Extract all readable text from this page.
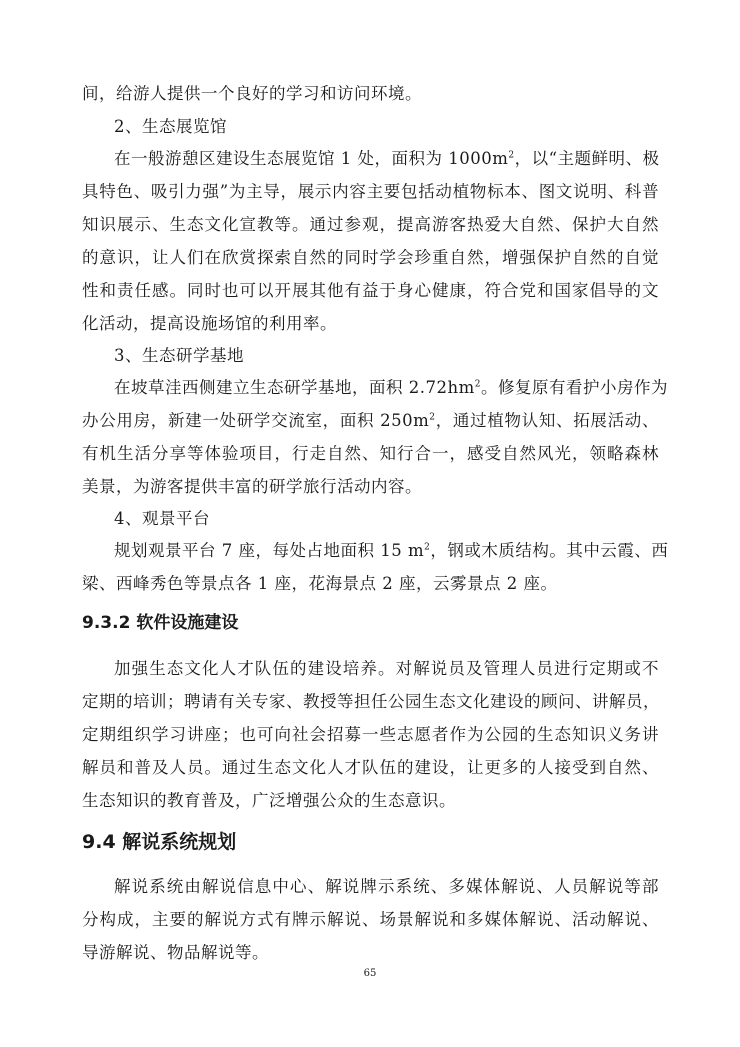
间，给游人提供一个良好的学习和访问环境。
2、生态展览馆
在一般游憩区建设生态展览馆 1 处，面积为 $1000m^2$，以“主题鲜明、极
具特色、吸引力强”为主导，展示内容主要包括动植物标本、图文说明、科普
知识展示、生态文化宣教等。通过参观，提高游客热爱大自然、保护大自然
的意识，让人们在欣赏探索自然的同时学会珍重自然，增强保护自然的自觉
性和责任感。同时也可以开展其他有益于身心健康，符合党和国家倡导的文
化活动，提高设施场馆的利用率。
3、生态研学基地
在坡草洼西侧建立生态研学基地，面积 $2.72hm^2$。修复原有看护小房作为
办公用房，新建一处研学交流室，面积 $250m^2$，通过植物认知、拓展活动、
有机生活分享等体验项目，行走自然、知行合一，感受自然风光，领略森林
美景，为游客提供丰富的研学旅行活动内容。
4、观景平台
规划观景平台 7 座，每处占地面积 15 $m^2$，钢或木质结构。其中云霞、西
梁、西峰秀色等景点各 1 座，花海景点 2 座，云雾景点 2 座。
9.3.2 软件设施建设
加强生态文化人才队伍的建设培养。对解说员及管理人员进行定期或不
定期的培训；聘请有关专家、教授等担任公园生态文化建设的顾问、讲解员，
定期组织学习讲座；也可向社会招募一些志愿者作为公园的生态知识义务讲
解员和普及人员。通过生态文化人才队伍的建设，让更多的人接受到自然、
生态知识的教育普及，广泛增强公众的生态意识。
9.4 解说系统规划
解说系统由解说信息中心、解说牌示系统、多媒体解说、人员解说等部
分构成，主要的解说方式有牌示解说、场景解说和多媒体解说、活动解说、
导游解说、物品解说等。
65
